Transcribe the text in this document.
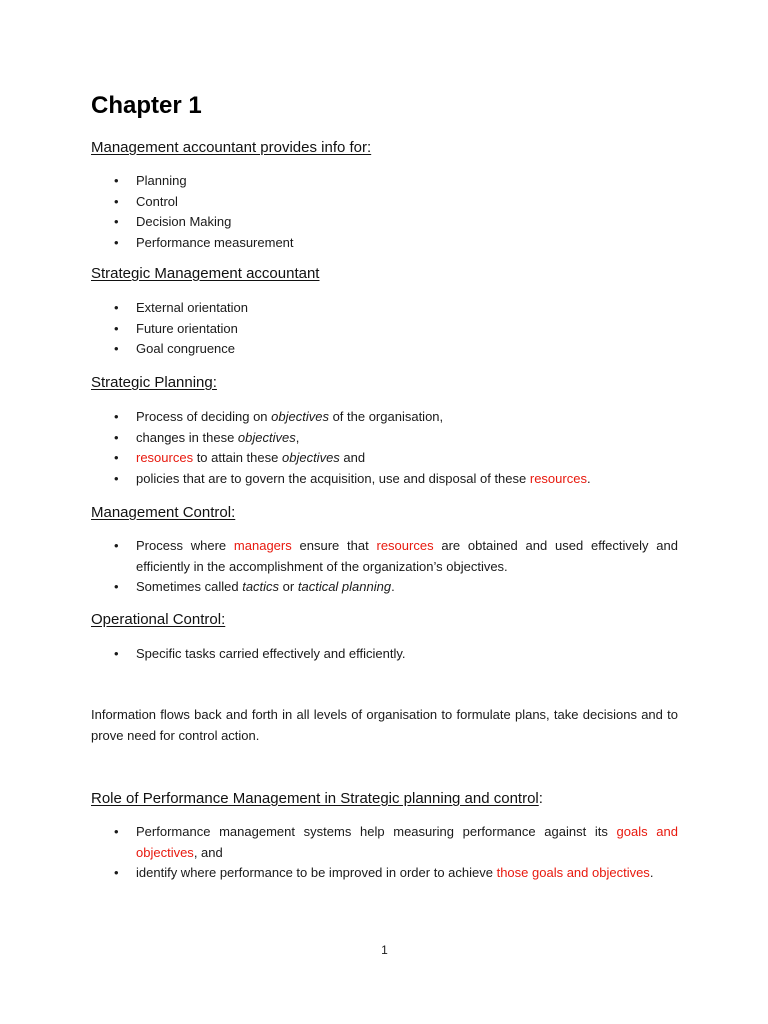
Chapter 1

Management accountant provides info for:

• Planning
• Control
• Decision Making
• Performance measurement

Strategic Management accountant

• External orientation
• Future orientation
• Goal congruence

Strategic Planning:

• Process of deciding on objectives of the organisation,
• changes in these objectives,
• resources to attain these objectives and
• policies that are to govern the acquisition, use and disposal of these resources.

Management Control:

• Process where managers ensure that resources are obtained and used effectively and efficiently in the accomplishment of the organization’s objectives.
• Sometimes called tactics or tactical planning.

Operational Control:

• Specific tasks carried effectively and efficiently.

Information flows back and forth in all levels of organisation to formulate plans, take decisions and to prove need for control action.

Role of Performance Management in Strategic planning and control:

• Performance management systems help measuring performance against its goals and objectives, and
• identify where performance to be improved in order to achieve those goals and objectives.
1
